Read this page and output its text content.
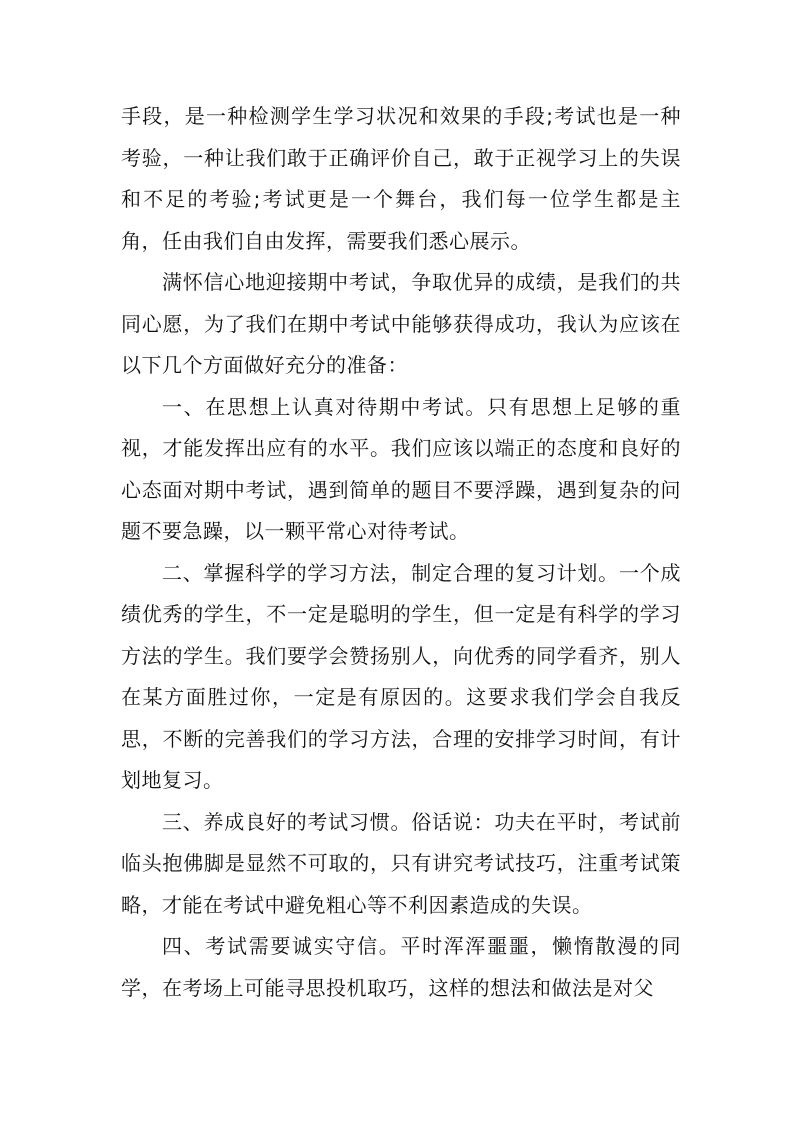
手段，是一种检测学生学习状况和效果的手段;考试也是一种考验，一种让我们敢于正确评价自己，敢于正视学习上的失误和不足的考验;考试更是一个舞台，我们每一位学生都是主角，任由我们自由发挥，需要我们悉心展示。

满怀信心地迎接期中考试，争取优异的成绩，是我们的共同心愿，为了我们在期中考试中能够获得成功，我认为应该在以下几个方面做好充分的准备：

一、在思想上认真对待期中考试。只有思想上足够的重视，才能发挥出应有的水平。我们应该以端正的态度和良好的心态面对期中考试，遇到简单的题目不要浮躁，遇到复杂的问题不要急躁，以一颗平常心对待考试。

二、掌握科学的学习方法，制定合理的复习计划。一个成绩优秀的学生，不一定是聪明的学生，但一定是有科学的学习方法的学生。我们要学会赞扬别人，向优秀的同学看齐，别人在某方面胜过你，一定是有原因的。这要求我们学会自我反思，不断的完善我们的学习方法，合理的安排学习时间，有计划地复习。

三、养成良好的考试习惯。俗话说：功夫在平时，考试前临头抱佛脚是显然不可取的，只有讲究考试技巧，注重考试策略，才能在考试中避免粗心等不利因素造成的失误。

四、考试需要诚实守信。平时浑浑噩噩，懒惰散漫的同学，在考场上可能寻思投机取巧，这样的想法和做法是对父
